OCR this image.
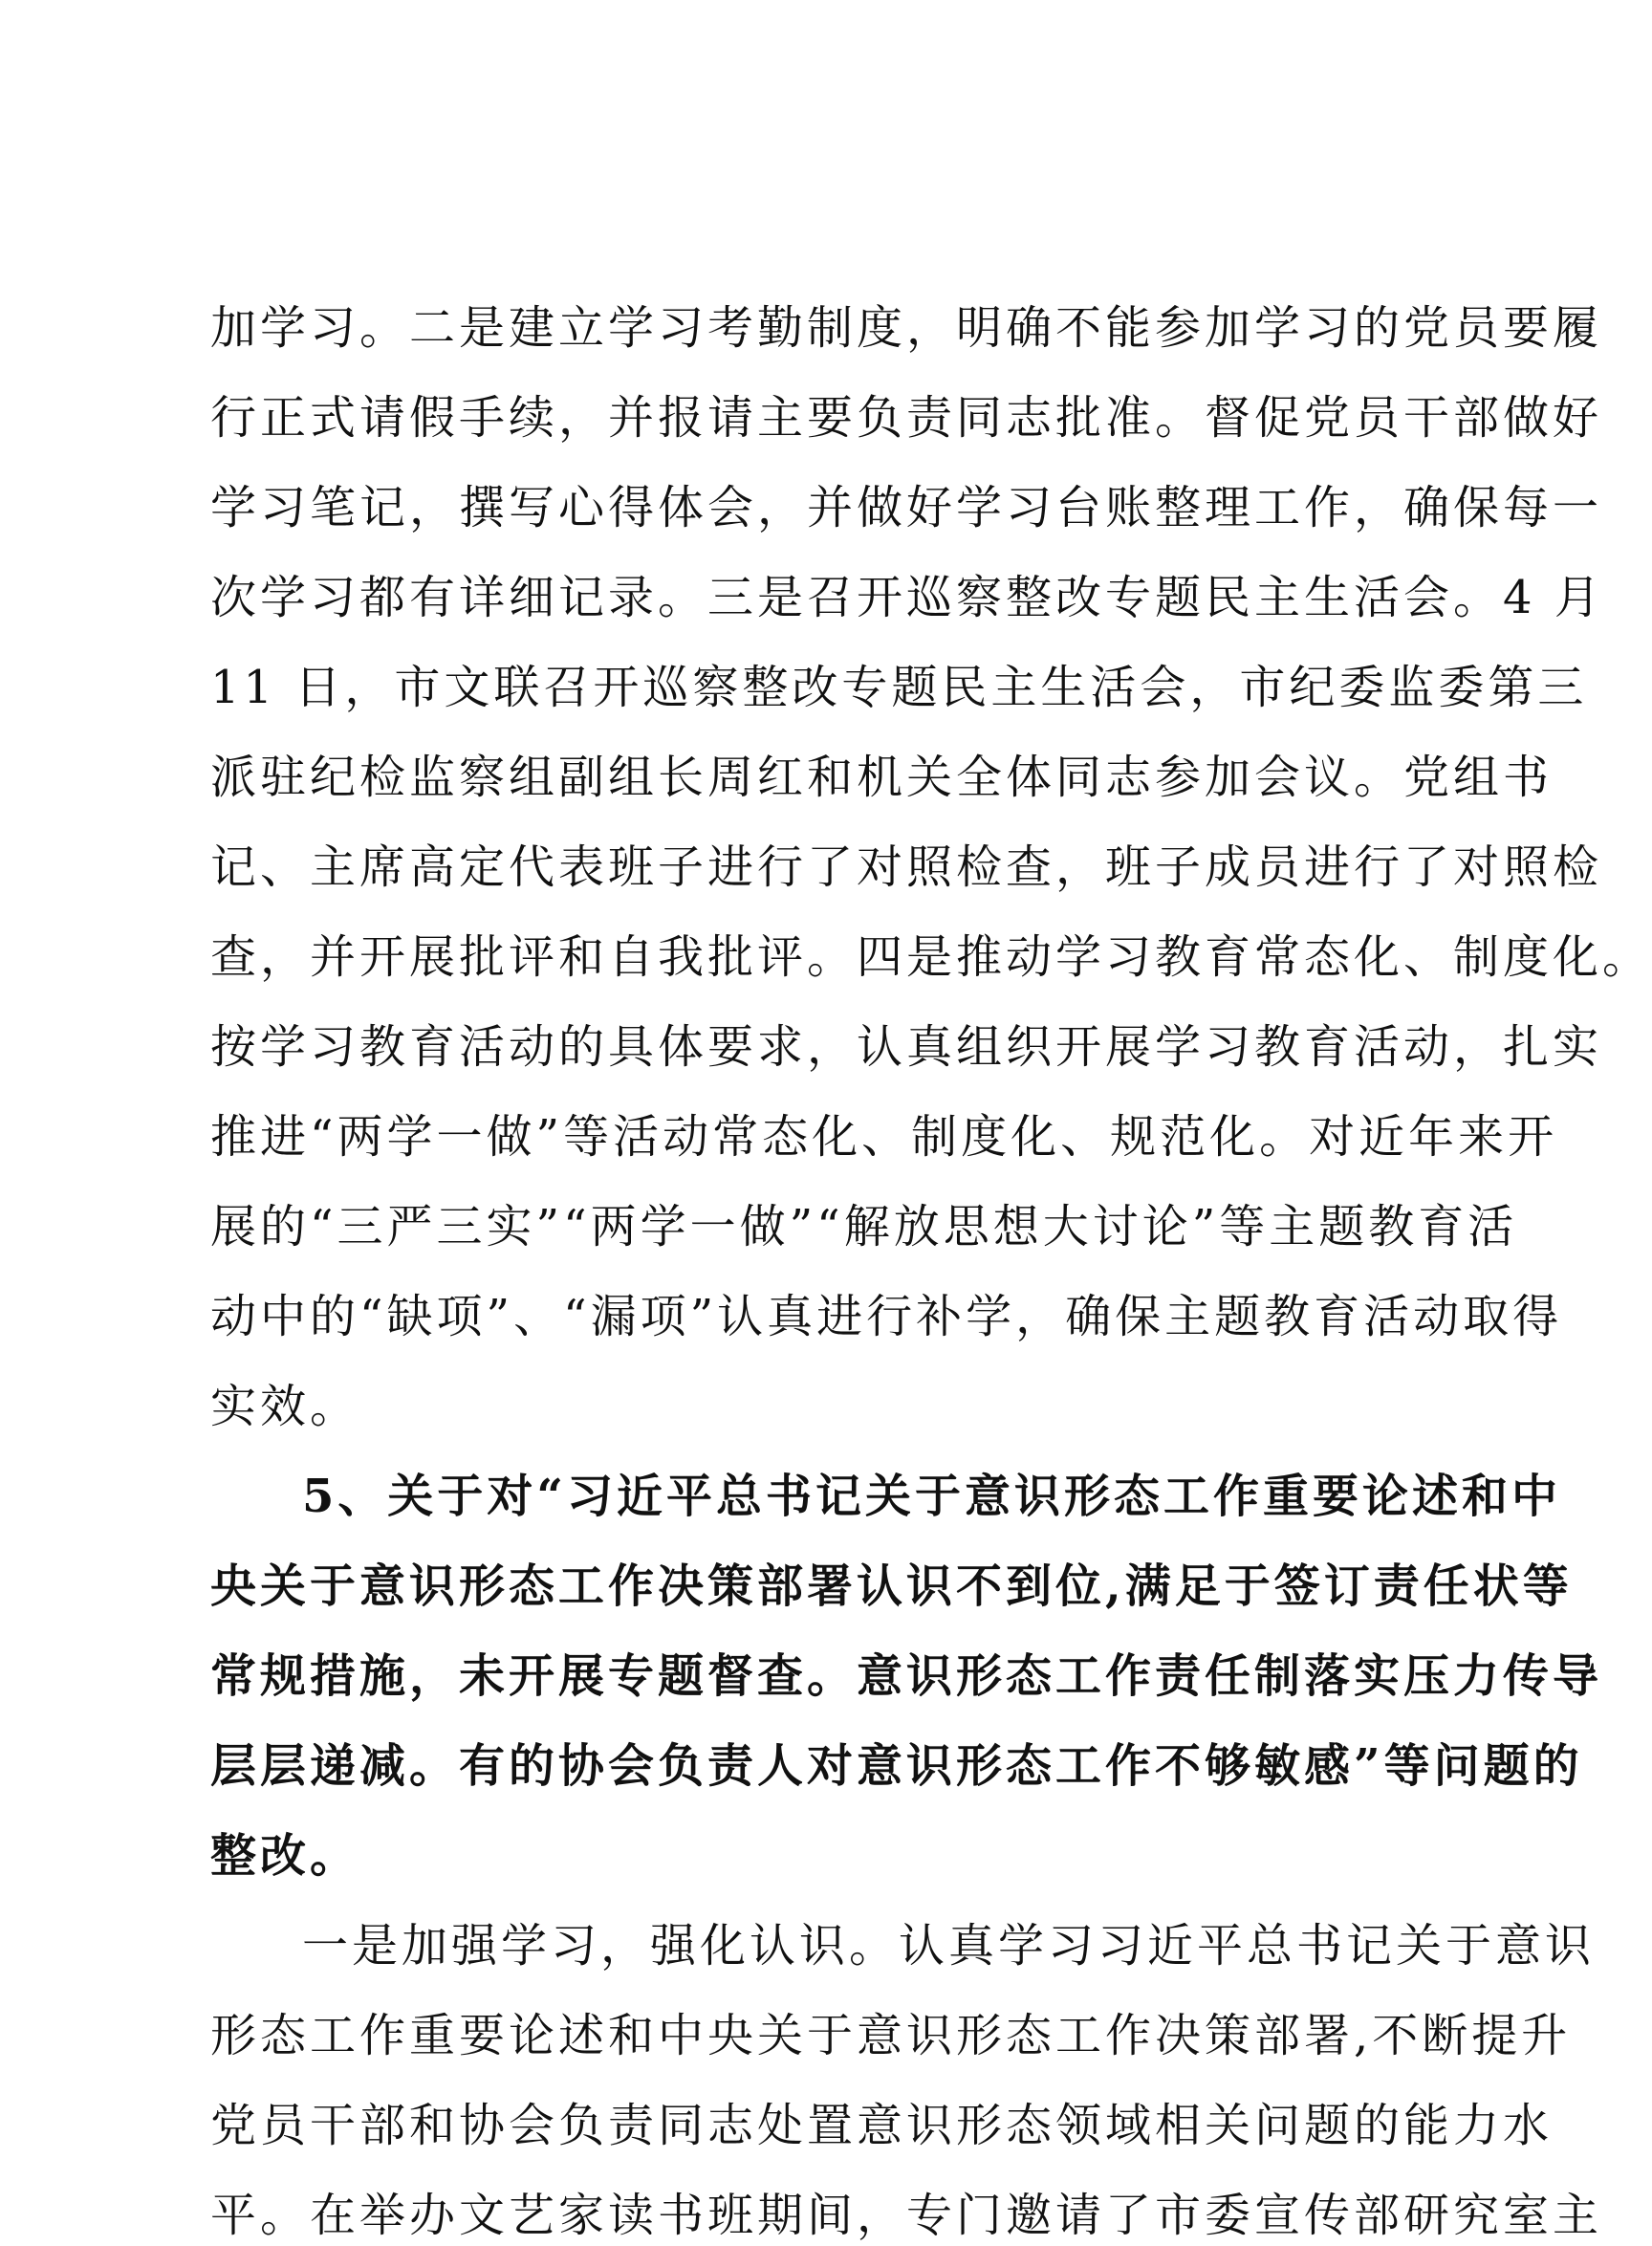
加学习。二是建立学习考勤制度，明确不能参加学习的党员要履
行正式请假手续，并报请主要负责同志批准。督促党员干部做好
学习笔记，撰写心得体会，并做好学习台账整理工作，确保每一
次学习都有详细记录。三是召开巡察整改专题民主生活会。4 月
11 日，市文联召开巡察整改专题民主生活会，市纪委监委第三
派驻纪检监察组副组长周红和机关全体同志参加会议。党组书
记、主席高定代表班子进行了对照检查，班子成员进行了对照检
查，并开展批评和自我批评。四是推动学习教育常态化、制度化。
按学习教育活动的具体要求，认真组织开展学习教育活动，扎实
推进“两学一做”等活动常态化、制度化、规范化。对近年来开
展的“三严三实”“两学一做”“解放思想大讨论”等主题教育活
动中的“缺项”、“漏项”认真进行补学，确保主题教育活动取得
实效。
5、关于对“习近平总书记关于意识形态工作重要论述和中
央关于意识形态工作决策部署认识不到位,满足于签订责任状等
常规措施，未开展专题督查。意识形态工作责任制落实压力传导
层层递减。有的协会负责人对意识形态工作不够敏感”等问题的
整改。
一是加强学习，强化认识。认真学习习近平总书记关于意识
形态工作重要论述和中央关于意识形态工作决策部署,不断提升
党员干部和协会负责同志处置意识形态领域相关问题的能力水
平。在举办文艺家读书班期间，专门邀请了市委宣传部研究室主
